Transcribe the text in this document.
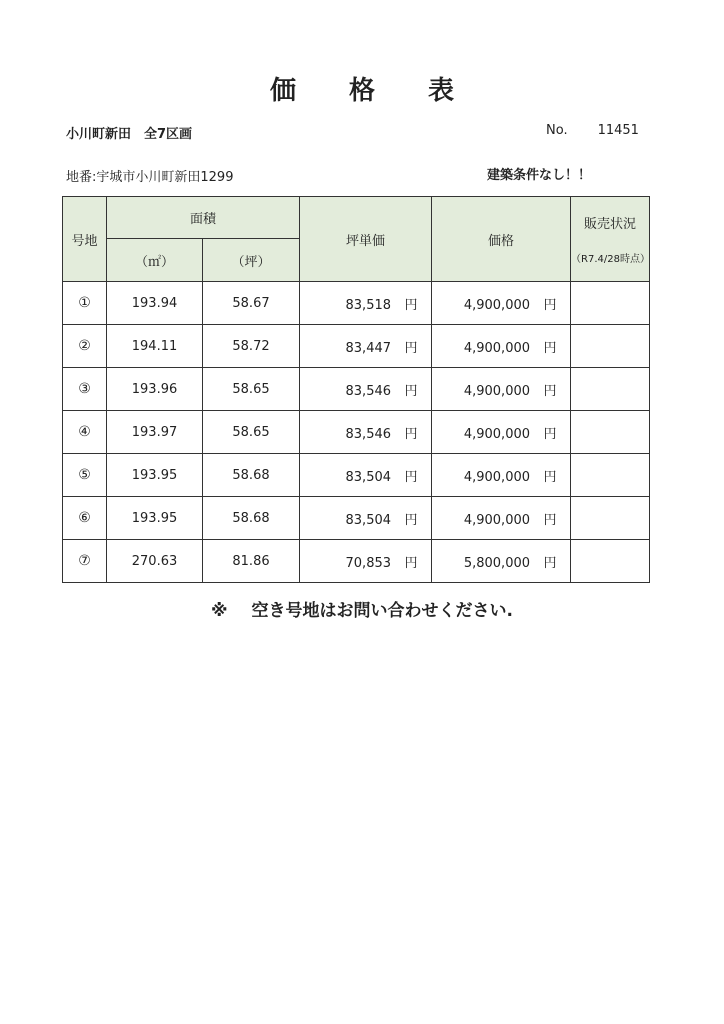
価 格 表
小川町新田　全7区画	No. 11451
地番:宇城市小川町新田1299	建築条件なし！！
号地	面積		坪単価	価格	販売状況
（R7.4/28時点）

	（㎡）	（坪）			
①	193.94	58.67	83,518 円	4,900,000 円	
②	194.11	58.72	83,447 円	4,900,000 円	
③	193.96	58.65	83,546 円	4,900,000 円	
④	193.97	58.65	83,546 円	4,900,000 円	
⑤	193.95	58.68	83,504 円	4,900,000 円	
⑥	193.95	58.68	83,504 円	4,900,000 円	
⑦	270.63	81.86	70,853 円	5,800,000 円	
※ 空き号地はお問い合わせください.
